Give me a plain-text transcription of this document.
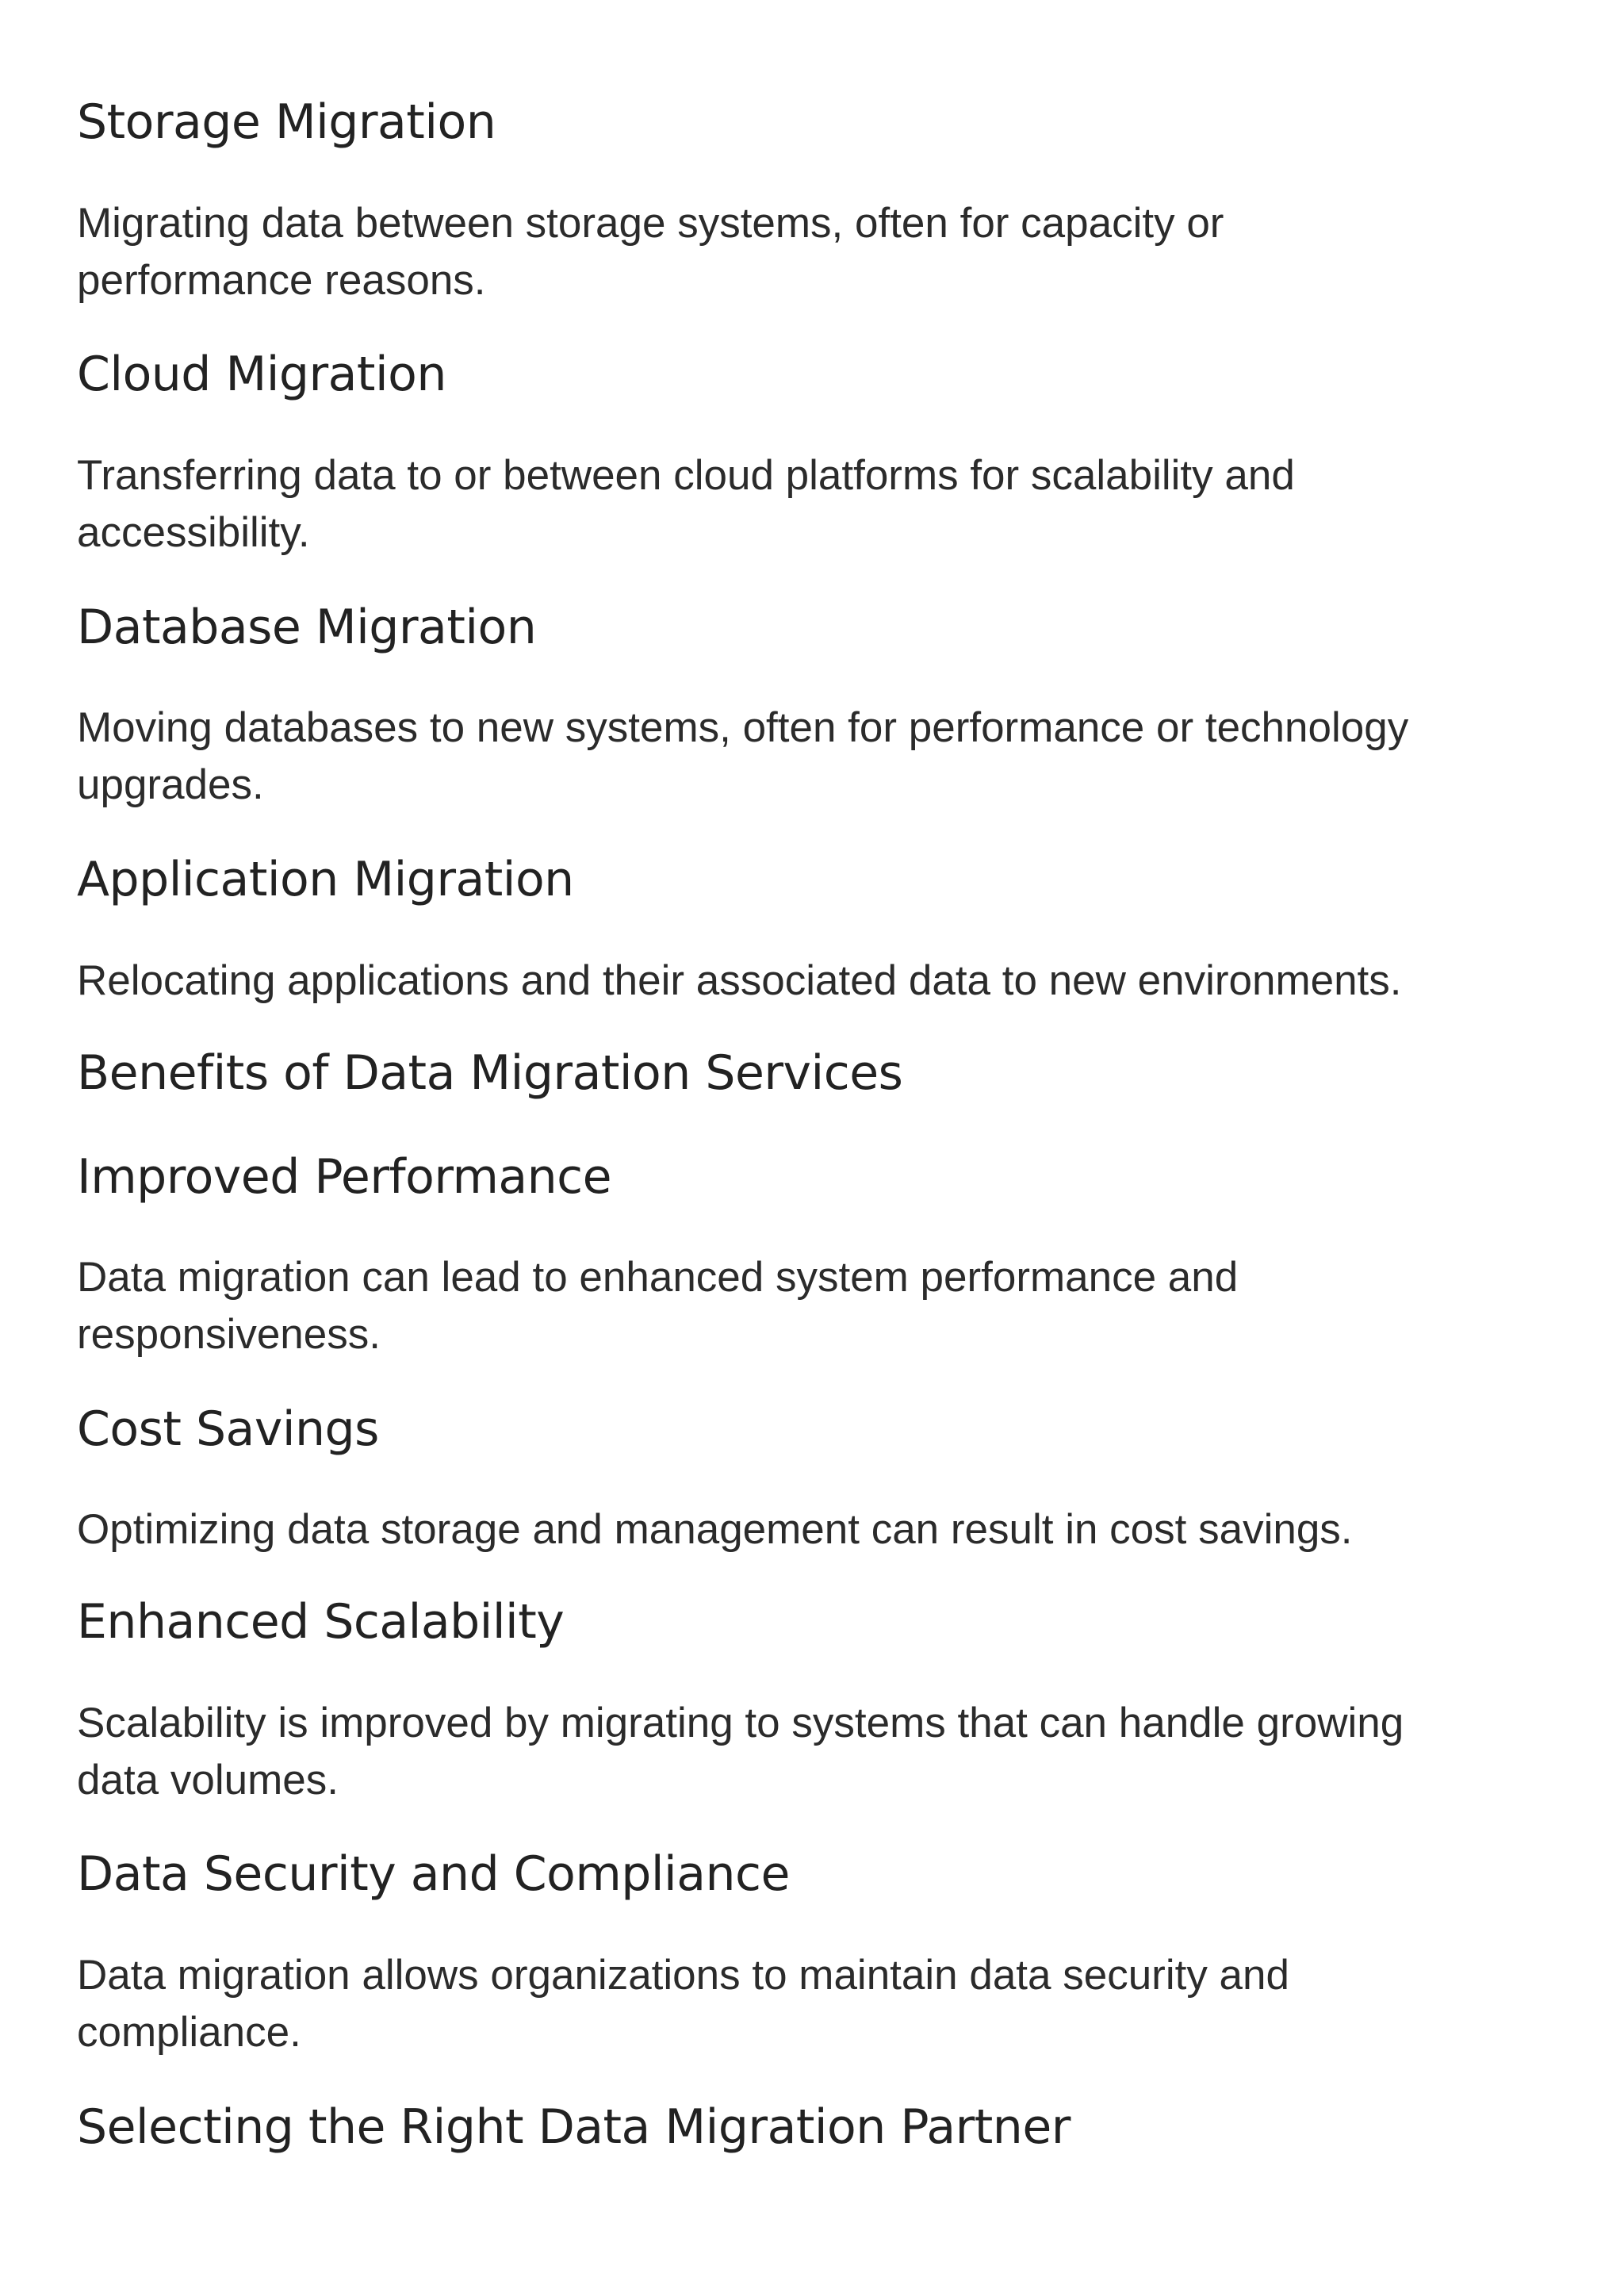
Storage Migration

Migrating data between storage systems, often for capacity or
performance reasons.

Cloud Migration

Transferring data to or between cloud platforms for scalability and
accessibility.

Database Migration

Moving databases to new systems, often for performance or technology
upgrades.

Application Migration

Relocating applications and their associated data to new environments.

Benefits of Data Migration Services
Improved Performance

Data migration can lead to enhanced system performance and
responsiveness.

Cost Savings

Optimizing data storage and management can result in cost savings.

Enhanced Scalability

Scalability is improved by migrating to systems that can handle growing
data volumes.

Data Security and Compliance

Data migration allows organizations to maintain data security and
compliance.

Selecting the Right Data Migration Partner
